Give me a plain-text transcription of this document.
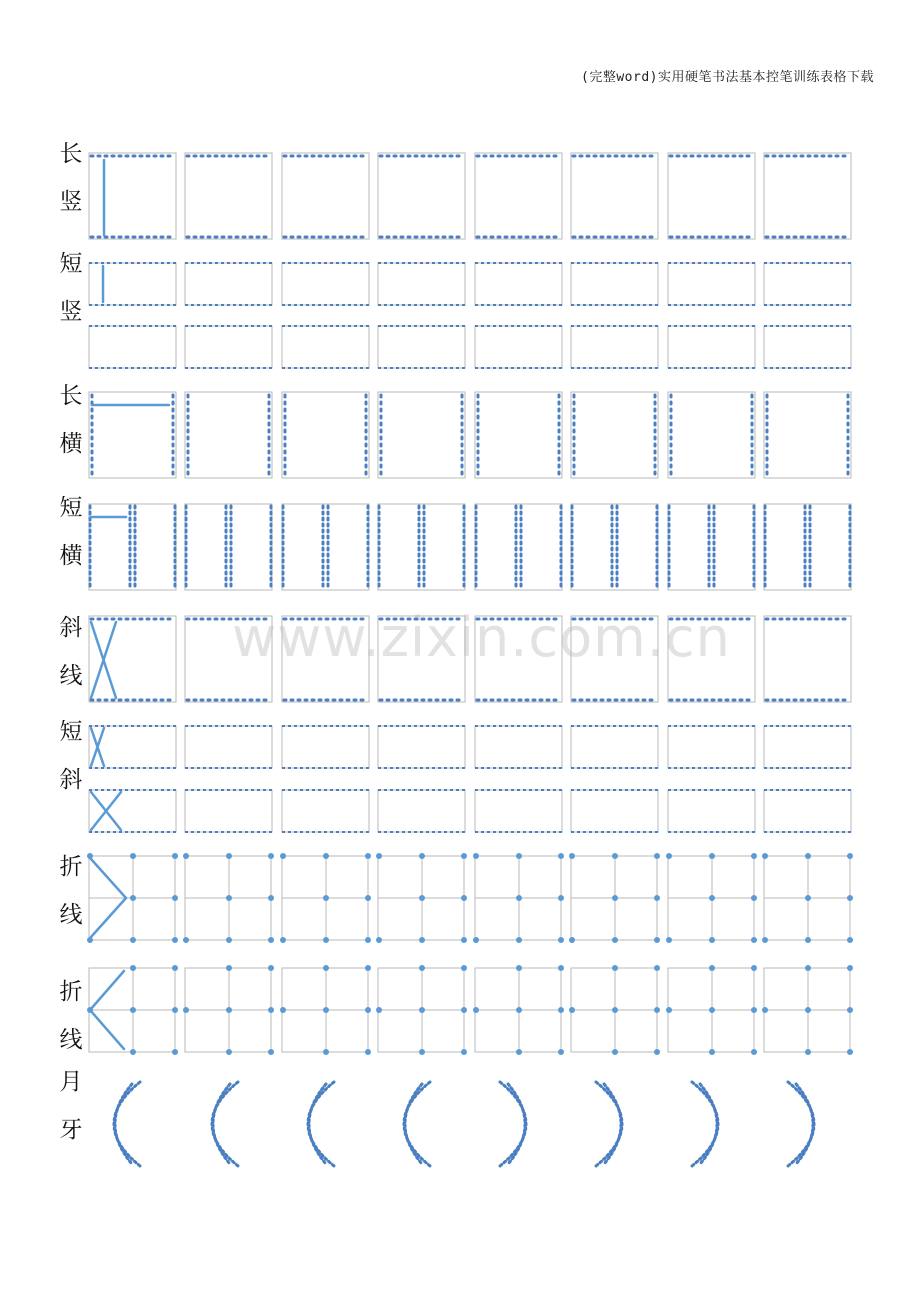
(完整word)实用硬笔书法基本控笔训练表格下载
长竖
短竖
长横
短横
斜线
短斜
折线
折线
月牙
www.zixin.com.cn
